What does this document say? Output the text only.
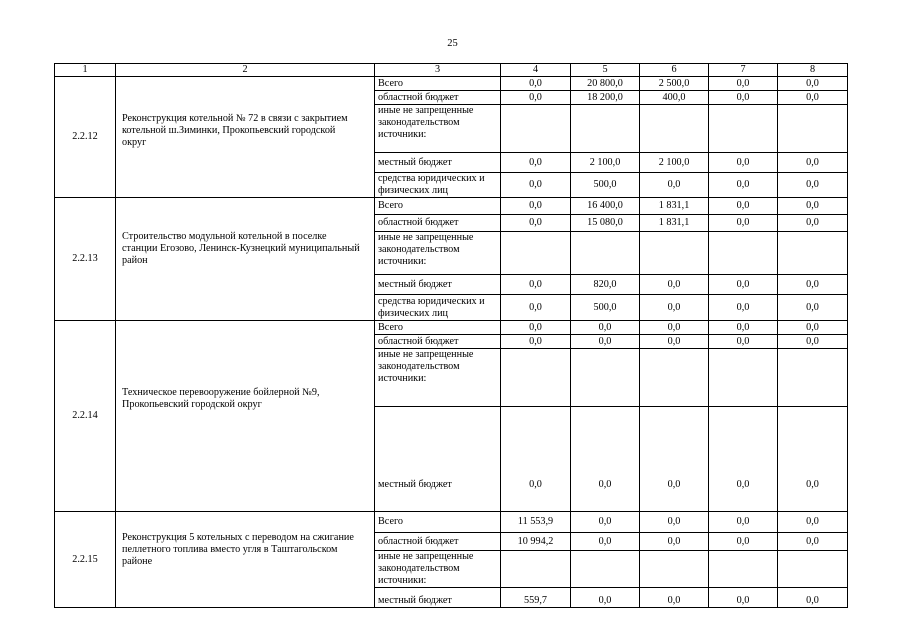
25
1	2	3	4	5	6	7	8
2.2.12	Реконструкция котельной № 72 в связи с закрытием котельной ш.Зиминки, Прокопьевский городской округ	Всего	0,0	20 800,0	2 500,0	0,0	0,0
		областной бюджет	0,0	18 200,0	400,0	0,0	0,0
		иные не запрещенные законодательством источники:					
		местный бюджет	0,0	2 100,0	2 100,0	0,0	0,0
		средства юридических и физических лиц	0,0	500,0	0,0	0,0	0,0
2.2.13	Строительство модульной котельной в поселке станции Егозово, Ленинск-Кузнецкий муниципальный район	Всего	0,0	16 400,0	1 831,1	0,0	0,0
		областной бюджет	0,0	15 080,0	1 831,1	0,0	0,0
		иные не запрещенные законодательством источники:					
		местный бюджет	0,0	820,0	0,0	0,0	0,0
		средства юридических и физических лиц	0,0	500,0	0,0	0,0	0,0
2.2.14	Техническое перевооружение бойлерной №9, Прокопьевский городской округ	Всего	0,0	0,0	0,0	0,0	0,0
		областной бюджет	0,0	0,0	0,0	0,0	0,0
		иные не запрещенные законодательством источники:					
		местный бюджет	0,0	0,0	0,0	0,0	0,0
2.2.15	Реконструкция 5 котельных с переводом на сжигание пеллетного топлива вместо угля в Таштагольском районе	Всего	11 553,9	0,0	0,0	0,0	0,0
		областной бюджет	10 994,2	0,0	0,0	0,0	0,0
		иные не запрещенные законодательством источники:					
		местный бюджет	559,7	0,0	0,0	0,0	0,0
